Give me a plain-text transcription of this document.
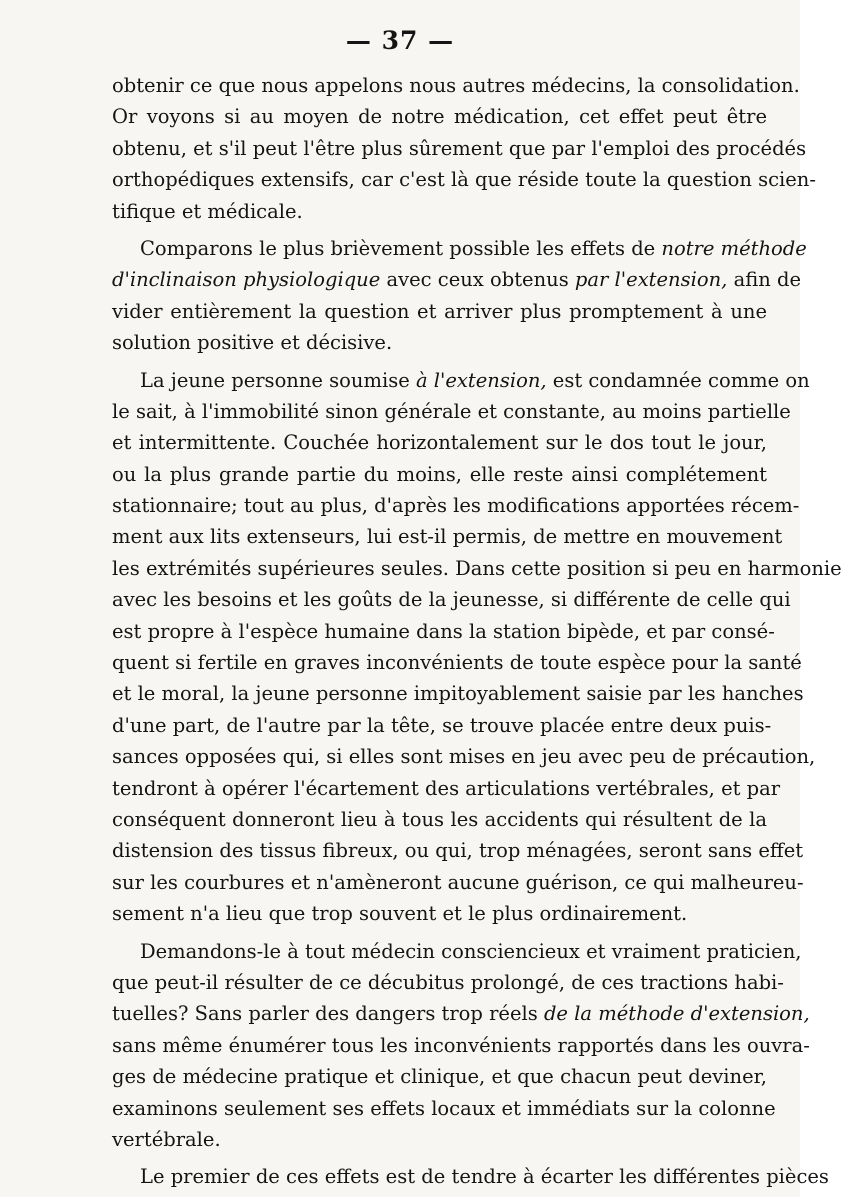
— 37 —
obtenir ce que nous appelons nous autres médecins, la consolidation.
Or voyons si au moyen de notre médication, cet effet peut être
obtenu, et s'il peut l'être plus sûrement que par l'emploi des procédés
orthopédiques extensifs, car c'est là que réside toute la question scien-
tifique et médicale.
Comparons le plus brièvement possible les effets de notre méthode
d'inclinaison physiologique avec ceux obtenus par l'extension, afin de
vider entièrement la question et arriver plus promptement à une
solution positive et décisive.
La jeune personne soumise à l'extension, est condamnée comme on
le sait, à l'immobilité sinon générale et constante, au moins partielle
et intermittente. Couchée horizontalement sur le dos tout le jour,
ou la plus grande partie du moins, elle reste ainsi complétement
stationnaire; tout au plus, d'après les modifications apportées récem-
ment aux lits extenseurs, lui est-il permis, de mettre en mouvement
les extrémités supérieures seules. Dans cette position si peu en harmonie
avec les besoins et les goûts de la jeunesse, si différente de celle qui
est propre à l'espèce humaine dans la station bipède, et par consé-
quent si fertile en graves inconvénients de toute espèce pour la santé
et le moral, la jeune personne impitoyablement saisie par les hanches
d'une part, de l'autre par la tête, se trouve placée entre deux puis-
sances opposées qui, si elles sont mises en jeu avec peu de précaution,
tendront à opérer l'écartement des articulations vertébrales, et par
conséquent donneront lieu à tous les accidents qui résultent de la
distension des tissus fibreux, ou qui, trop ménagées, seront sans effet
sur les courbures et n'amèneront aucune guérison, ce qui malheureu-
sement n'a lieu que trop souvent et le plus ordinairement.
Demandons-le à tout médecin consciencieux et vraiment praticien,
que peut-il résulter de ce décubitus prolongé, de ces tractions habi-
tuelles? Sans parler des dangers trop réels de la méthode d'extension,
sans même énumérer tous les inconvénients rapportés dans les ouvra-
ges de médecine pratique et clinique, et que chacun peut deviner,
examinons seulement ses effets locaux et immédiats sur la colonne
vertébrale.
Le premier de ces effets est de tendre à écarter les différentes pièces
